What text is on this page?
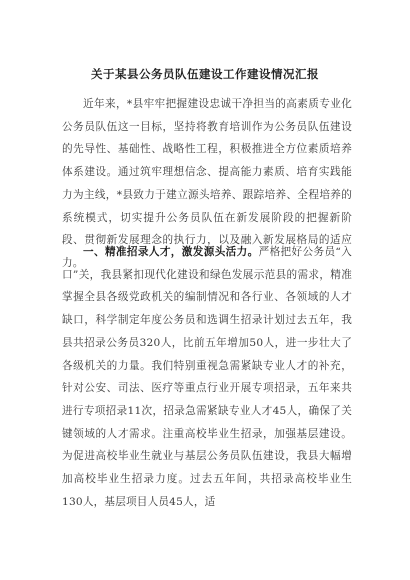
关于某县公务员队伍建设工作建设情况汇报

近年来，*县牢牢把握建设忠诚干净担当的高素质专业化公务员队伍这一目标，坚持将教育培训作为公务员队伍建设的先导性、基础性、战略性工程，积极推进全方位素质培养体系建设。通过筑牢理想信念、提高能力素质、培育实践能力为主线，*县致力于建立源头培养、跟踪培养、全程培养的系统模式，切实提升公务员队伍在新发展阶段的把握新阶段、贯彻新发展理念的执行力，以及融入新发展格局的适应力。

一、精准招录人才，激发源头活力。严格把好公务员“入口”关，我县紧扣现代化建设和绿色发展示范县的需求，精准掌握全县各级党政机关的编制情况和各行业、各领域的人才缺口，科学制定年度公务员和选调生招录计划过去五年，我县共招录公务员320人，比前五年增加50人，进一步壮大了各级机关的力量。我们特别重视急需紧缺专业人才的补充，针对公安、司法、医疗等重点行业开展专项招录，五年来共进行专项招录11次，招录急需紧缺专业人才45人，确保了关键领域的人才需求。注重高校毕业生招录，加强基层建设。为促进高校毕业生就业与基层公务员队伍建设，我县大幅增加高校毕业生招录力度。过去五年间，共招录高校毕业生130人，基层项目人员45人，适
